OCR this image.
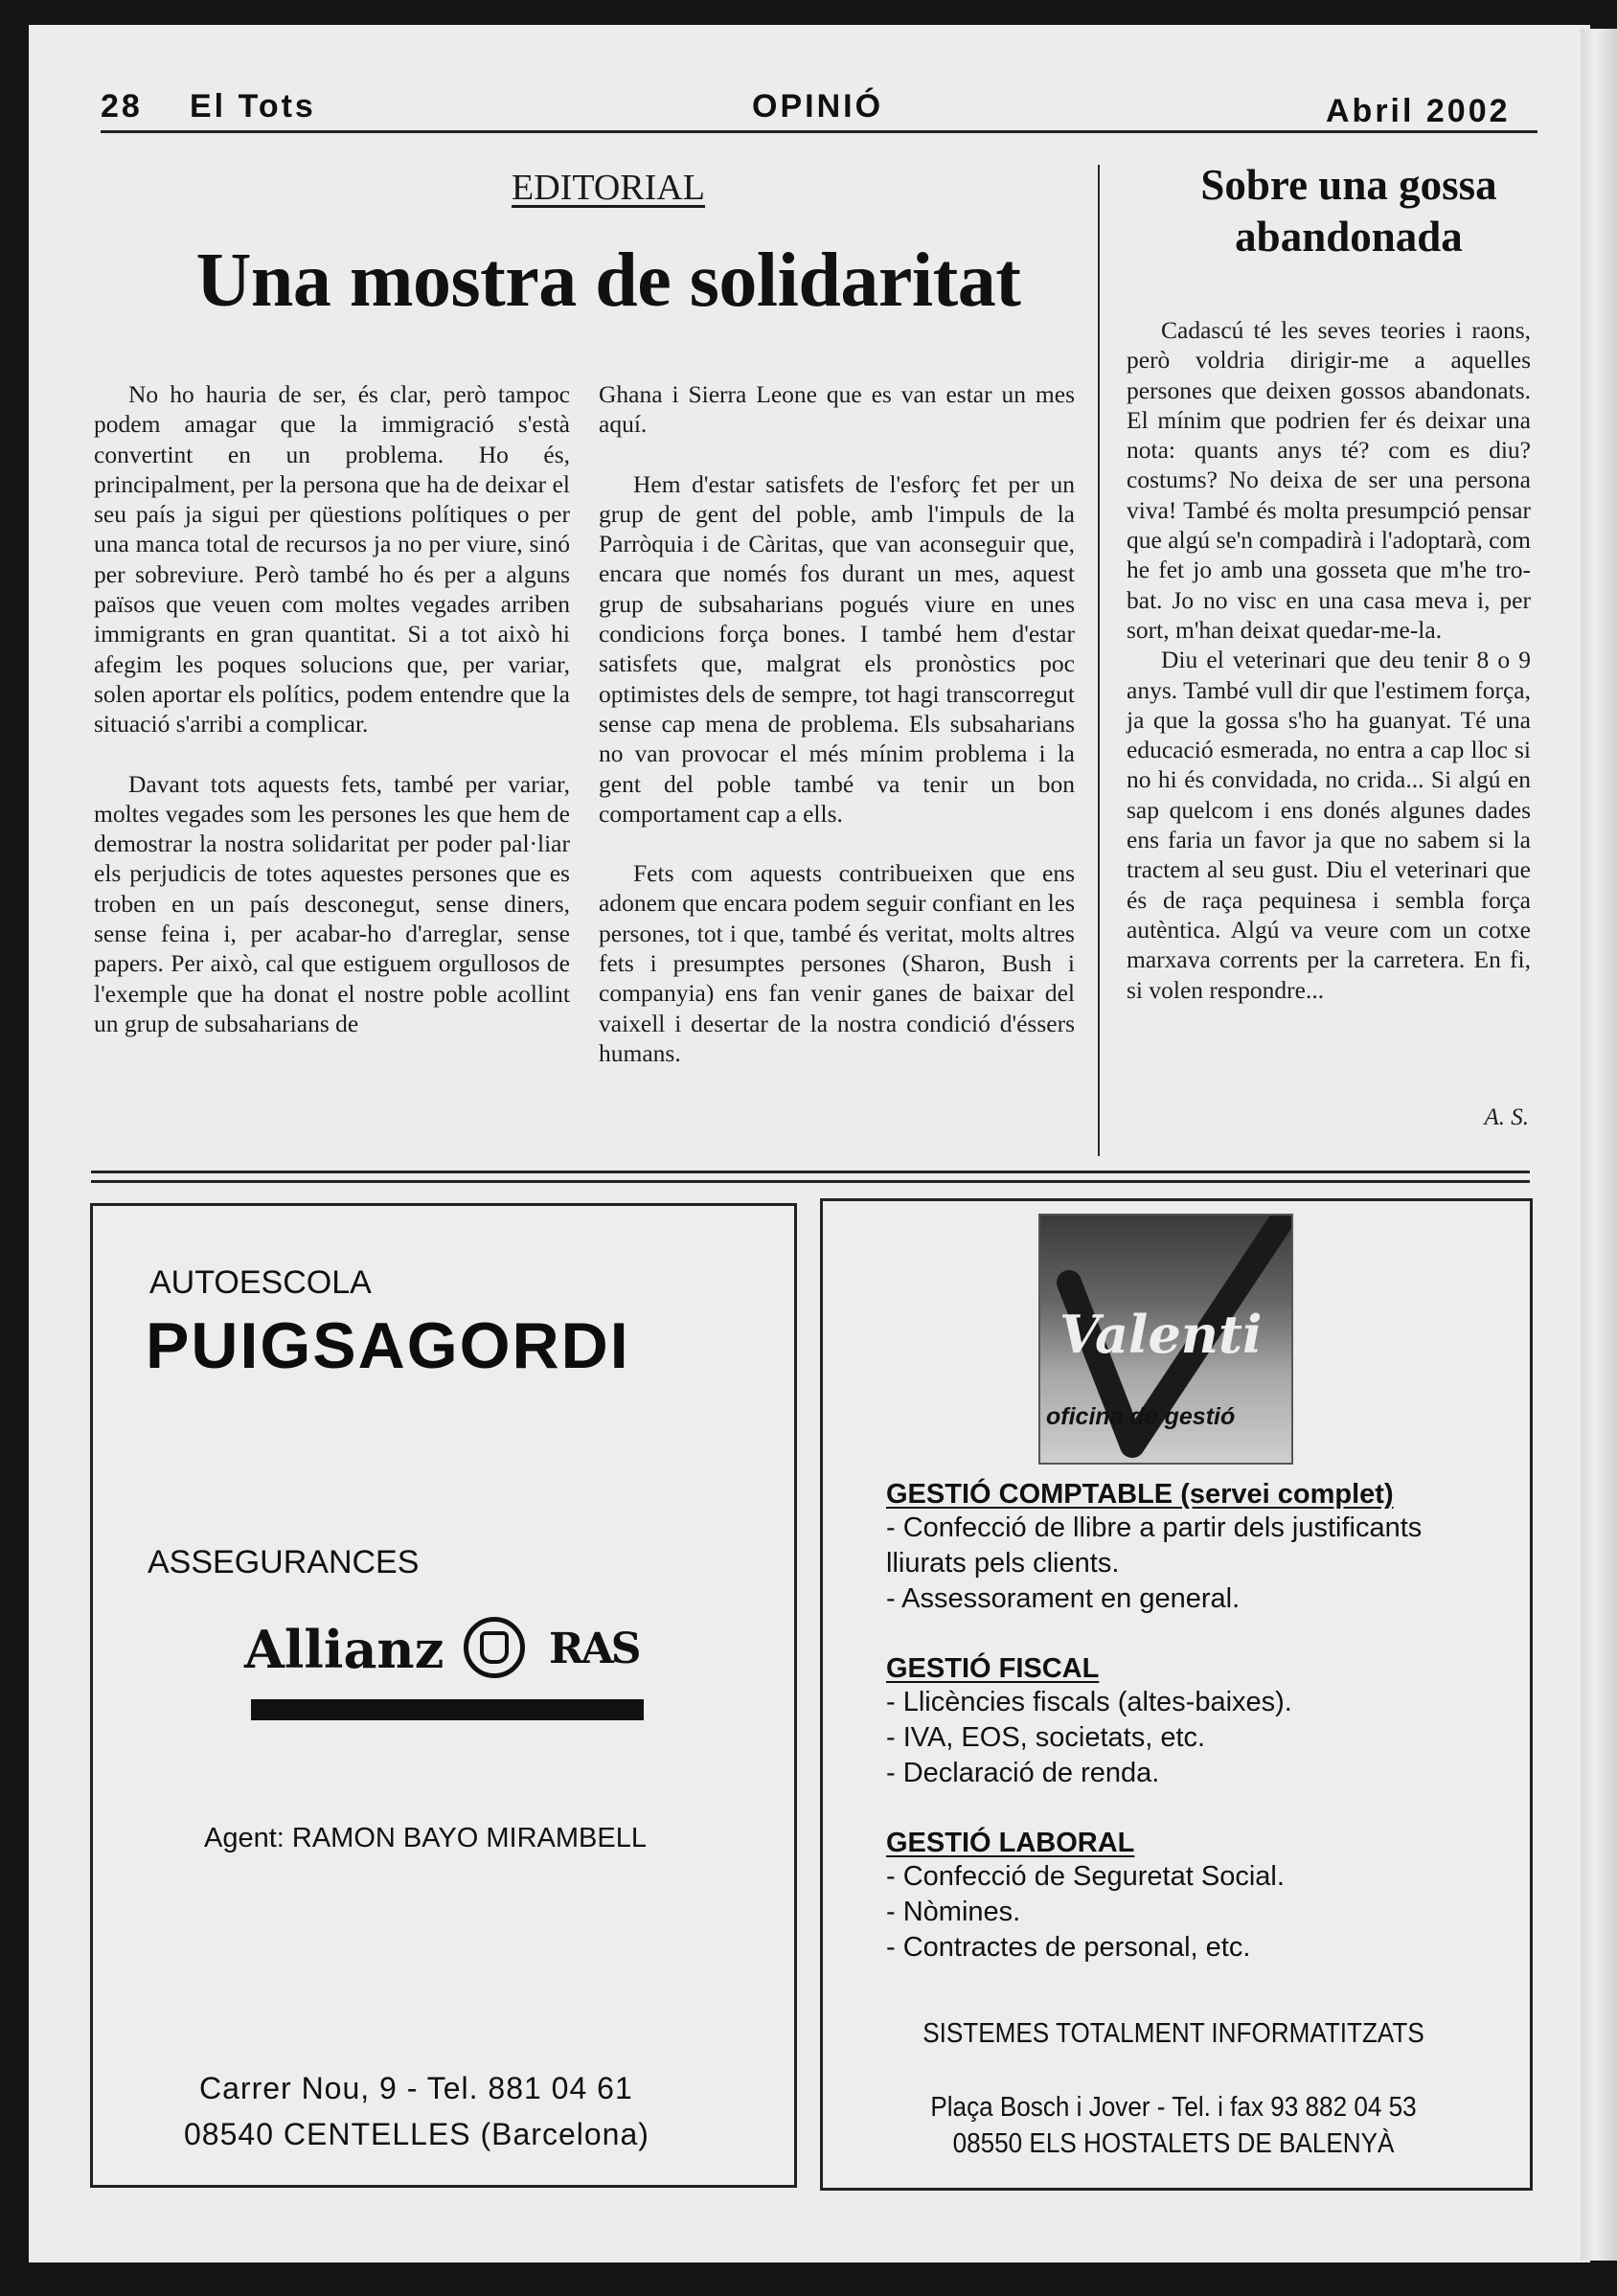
28 El Tots	OPINIÓ	Abril 2002
EDITORIAL
Una mostra de solidaritat

No ho hauria de ser, és clar, però tampoc podem amagar que la immigració s'està convertint en un problema. Ho és, principalment, per la persona que ha de deixar el seu país ja sigui per qüestions polítiques o per una manca total de recursos ja no per viure, sinó per sobreviure. Però també ho és per a alguns països que veuen com moltes vegades arriben immigrants en gran quantitat. Si a tot això hi afegim les poques solucions que, per variar, solen aportar els polítics, podem entendre que la situació s'arribi a complicar.

Davant tots aquests fets, també per variar, moltes vegades som les persones les que hem de demostrar la nostra solidaritat per poder pal·liar els perjudicis de totes aquestes persones que es troben en un país desconegut, sense diners, sense feina i, per acabar-ho d'arreglar, sense papers. Per això, cal que estiguem orgullosos de l'exemple que ha donat el nostre poble acollint un grup de subsaharians de

Ghana i Sierra Leone que es van estar un mes aquí.

Hem d'estar satisfets de l'esforç fet per un grup de gent del poble, amb l'impuls de la Parròquia i de Càritas, que van aconseguir que, encara que només fos durant un mes, aquest grup de subsaharians pogués viure en unes condicions força bones. I també hem d'estar satisfets que, malgrat els pronòstics poc optimistes dels de sempre, tot hagi transcorregut sense cap mena de problema. Els subsaharians no van provocar el més mínim problema i la gent del poble també va tenir un bon comportament cap a ells.

Fets com aquests contribueixen que ens adonem que encara podem seguir confiant en les persones, tot i que, també és veritat, molts altres fets i presumptes persones (Sharon, Bush i companyia) ens fan venir ganes de baixar del vaixell i desertar de la nostra condició d'éssers humans.

Sobre una gossa abandonada

Cadascú té les seves teories i raons, però voldria dirigir-me a aquelles persones que deixen gossos abandonats. El mínim que podrien fer és deixar una nota: quants anys té? com es diu? costums? No deixa de ser una persona viva! També és molta presumpció pensar que algú se'n compadirà i l'adoptarà, com he fet jo amb una gosseta que m'he trobat. Jo no visc en una casa meva i, per sort, m'han deixat quedar-me-la.

Diu el veterinari que deu tenir 8 o 9 anys. També vull dir que l'estimem força, ja que la gossa s'ho ha guanyat. Té una educació esmerada, no entra a cap lloc si no hi és convidada, no crida... Si algú en sap quelcom i ens donés algunes dades ens faria un favor ja que no sabem si la tractem al seu gust. Diu el veterinari que és de raça pequinesa i sembla força autèntica. Algú va veure com un cotxe marxava corrents per la carretera. En fi, si volen respondre...

A. S.
AUTOESCOLA
PUIGSAGORDI
ASSEGURANCES
Allianz RAS
Agent: RAMON BAYO MIRAMBELL
Carrer Nou, 9 - Tel. 881 04 61
08540 CENTELLES (Barcelona)
Valenti
oficina de gestió
GESTIÓ COMPTABLE (servei complet)
- Confecció de llibre a partir dels justificants
lliurats pels clients.
- Assessorament en general.
GESTIÓ FISCAL
- Llicències fiscals (altes-baixes).
- IVA, EOS, societats, etc.
- Declaració de renda.
GESTIÓ LABORAL
- Confecció de Seguretat Social.
- Nòmines.
- Contractes de personal, etc.
SISTEMES TOTALMENT INFORMATITZATS
Plaça Bosch i Jover - Tel. i fax 93 882 04 53
08550 ELS HOSTALETS DE BALENYÀ
